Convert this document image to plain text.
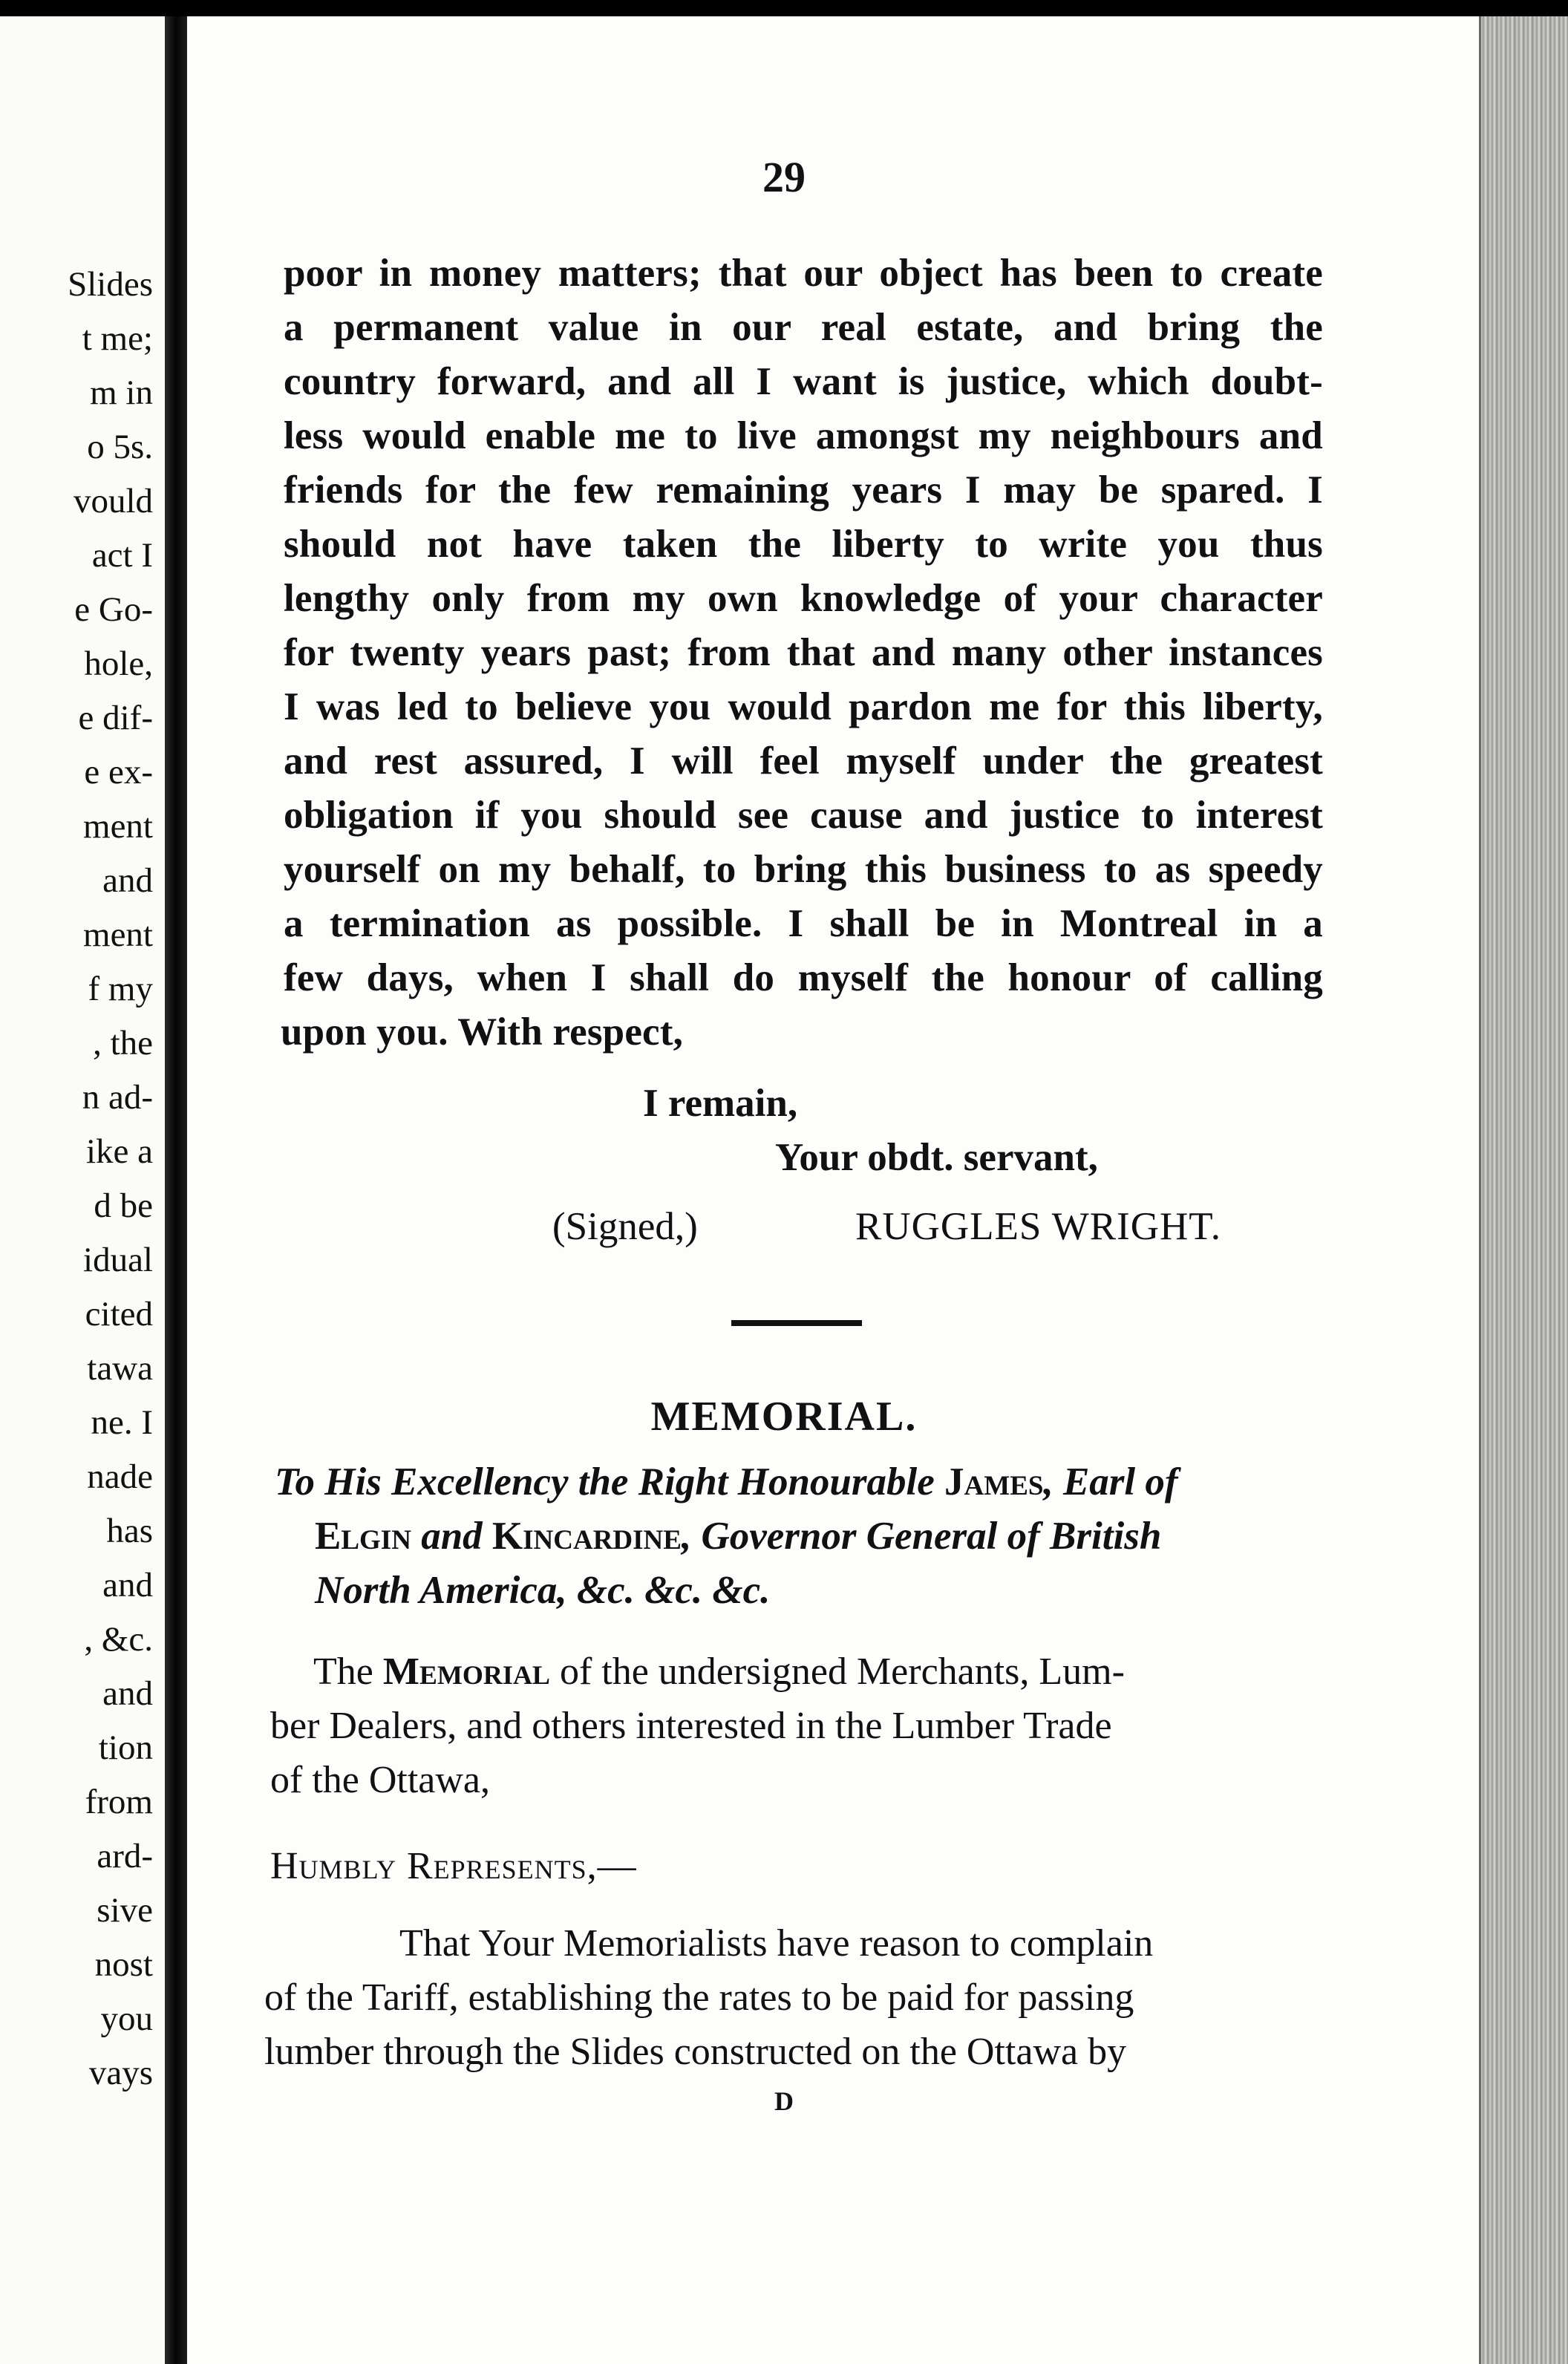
Slides
t me;
m in
o 5s.
vould
act I
e Go-
hole,
e dif-
e ex-
ment
and
ment
f my
, the
n ad-
ike a
d be
idual
cited
tawa
ne. I
nade
has
and
, &c.
and
tion
from
ard-
sive
nost
you
vays
29
poor in money matters; that our object has been to create
a permanent value in our real estate, and bring the
country forward, and all I want is justice, which doubt-
less would enable me to live amongst my neighbours and
friends for the few remaining years I may be spared. I
should not have taken the liberty to write you thus
lengthy only from my own knowledge of your character
for twenty years past; from that and many other instances
I was led to believe you would pardon me for this liberty,
and rest assured, I will feel myself under the greatest
obligation if you should see cause and justice to interest
yourself on my behalf, to bring this business to as speedy
a termination as possible. I shall be in Montreal in a
few days, when I shall do myself the honour of calling
upon you. With respect,
I remain,
Your obdt. servant,
(Signed,)	RUGGLES WRIGHT.
MEMORIAL.
To His Excellency the Right Honourable James, Earl of
Elgin and Kincardine, Governor General of British
North America, &c. &c. &c.
The Memorial of the undersigned Merchants, Lum-
ber Dealers, and others interested in the Lumber Trade
of the Ottawa,
Humbly Represents,—
That Your Memorialists have reason to complain
of the Tariff, establishing the rates to be paid for passing
lumber through the Slides constructed on the Ottawa by
D
